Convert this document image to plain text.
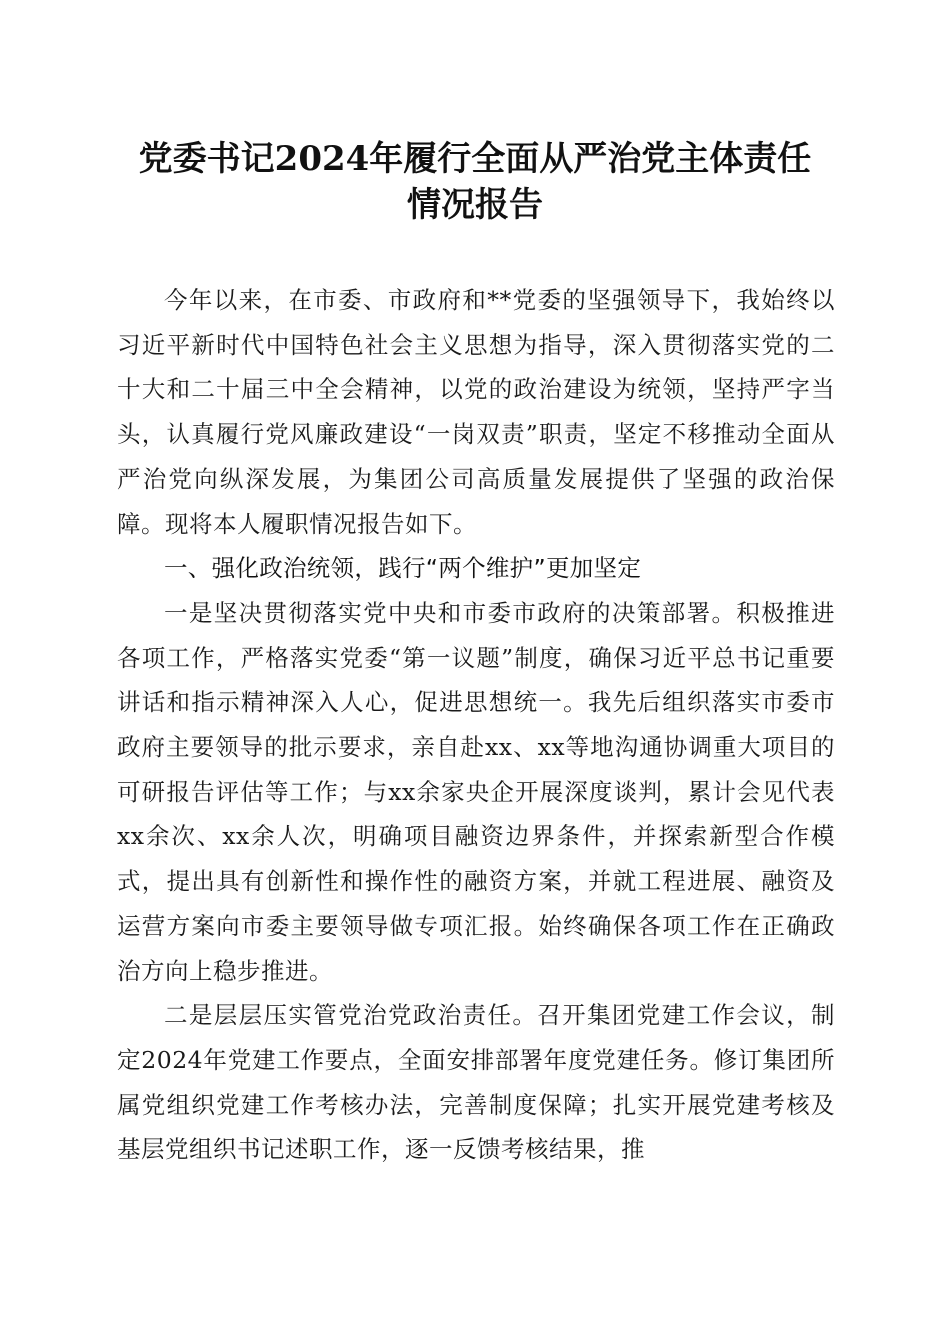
党委书记2024年履行全面从严治党主体责任
情况报告

今年以来，在市委、市政府和**党委的坚强领导下，我始终以习近平新时代中国特色社会主义思想为指导，深入贯彻落实党的二十大和二十届三中全会精神，以党的政治建设为统领，坚持严字当头，认真履行党风廉政建设“一岗双责”职责，坚定不移推动全面从严治党向纵深发展，为集团公司高质量发展提供了坚强的政治保障。现将本人履职情况报告如下。

一、强化政治统领，践行“两个维护”更加坚定

一是坚决贯彻落实党中央和市委市政府的决策部署。积极推进各项工作，严格落实党委“第一议题”制度，确保习近平总书记重要讲话和指示精神深入人心，促进思想统一。我先后组织落实市委市政府主要领导的批示要求，亲自赴xx、xx等地沟通协调重大项目的可研报告评估等工作；与xx余家央企开展深度谈判，累计会见代表xx余次、xx余人次，明确项目融资边界条件，并探索新型合作模式，提出具有创新性和操作性的融资方案，并就工程进展、融资及运营方案向市委主要领导做专项汇报。始终确保各项工作在正确政治方向上稳步推进。

二是层层压实管党治党政治责任。召开集团党建工作会议，制定2024年党建工作要点，全面安排部署年度党建任务。修订集团所属党组织党建工作考核办法，完善制度保障；扎实开展党建考核及基层党组织书记述职工作，逐一反馈考核结果，推
